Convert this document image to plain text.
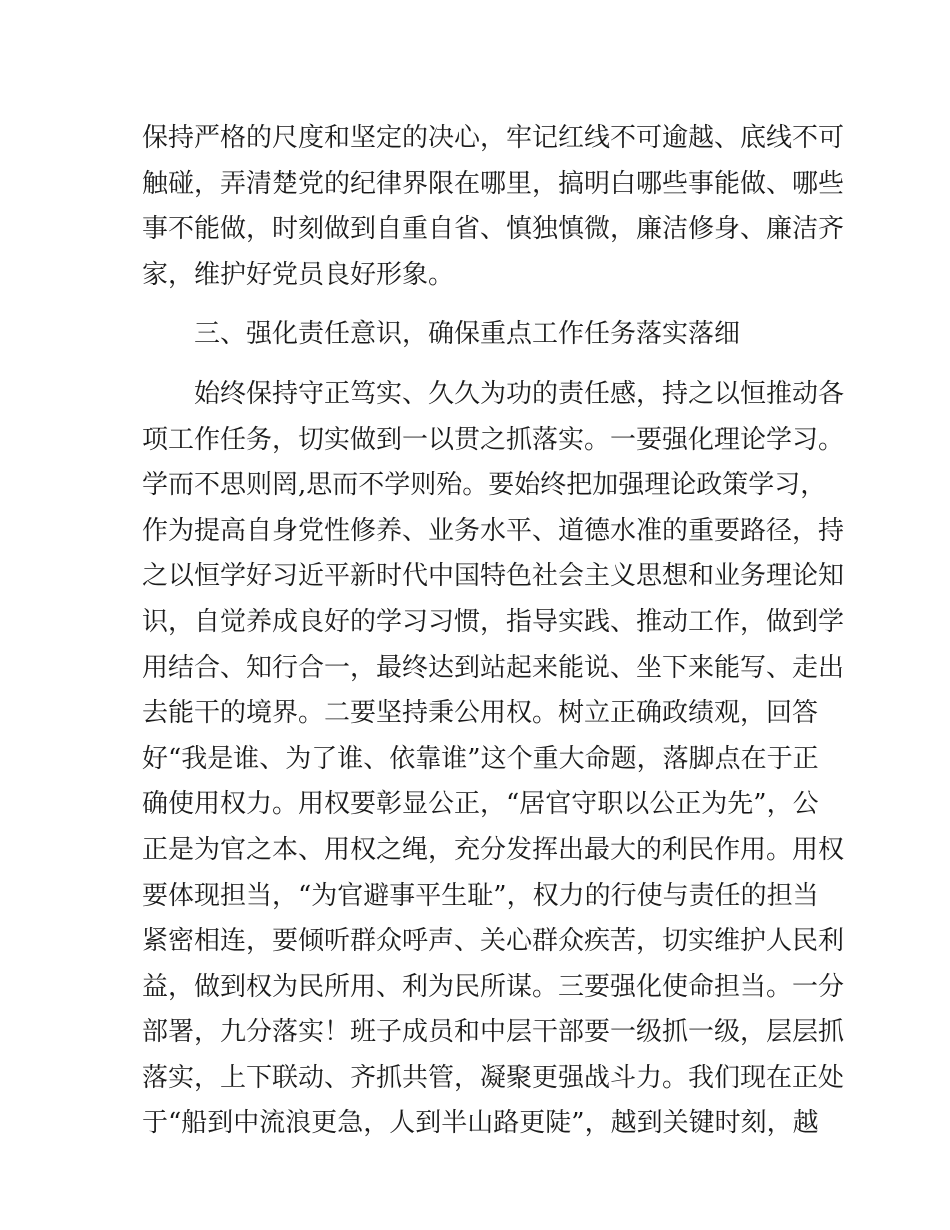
保持严格的尺度和坚定的决心，牢记红线不可逾越、底线不可
触碰，弄清楚党的纪律界限在哪里，搞明白哪些事能做、哪些
事不能做，时刻做到自重自省、慎独慎微，廉洁修身、廉洁齐
家，维护好党员良好形象。
三、强化责任意识，确保重点工作任务落实落细
始终保持守正笃实、久久为功的责任感，持之以恒推动各
项工作任务，切实做到一以贯之抓落实。一要强化理论学习。
学而不思则罔,思而不学则殆。要始终把加强理论政策学习，
作为提高自身党性修养、业务水平、道德水准的重要路径，持
之以恒学好习近平新时代中国特色社会主义思想和业务理论知
识，自觉养成良好的学习习惯，指导实践、推动工作，做到学
用结合、知行合一，最终达到站起来能说、坐下来能写、走出
去能干的境界。二要坚持秉公用权。树立正确政绩观，回答
好“我是谁、为了谁、依靠谁”这个重大命题，落脚点在于正
确使用权力。用权要彰显公正，“居官守职以公正为先”，公
正是为官之本、用权之绳，充分发挥出最大的利民作用。用权
要体现担当，“为官避事平生耻”，权力的行使与责任的担当
紧密相连，要倾听群众呼声、关心群众疾苦，切实维护人民利
益，做到权为民所用、利为民所谋。三要强化使命担当。一分
部署，九分落实！班子成员和中层干部要一级抓一级，层层抓
落实，上下联动、齐抓共管，凝聚更强战斗力。我们现在正处
于“船到中流浪更急，人到半山路更陡”，越到关键时刻，越
